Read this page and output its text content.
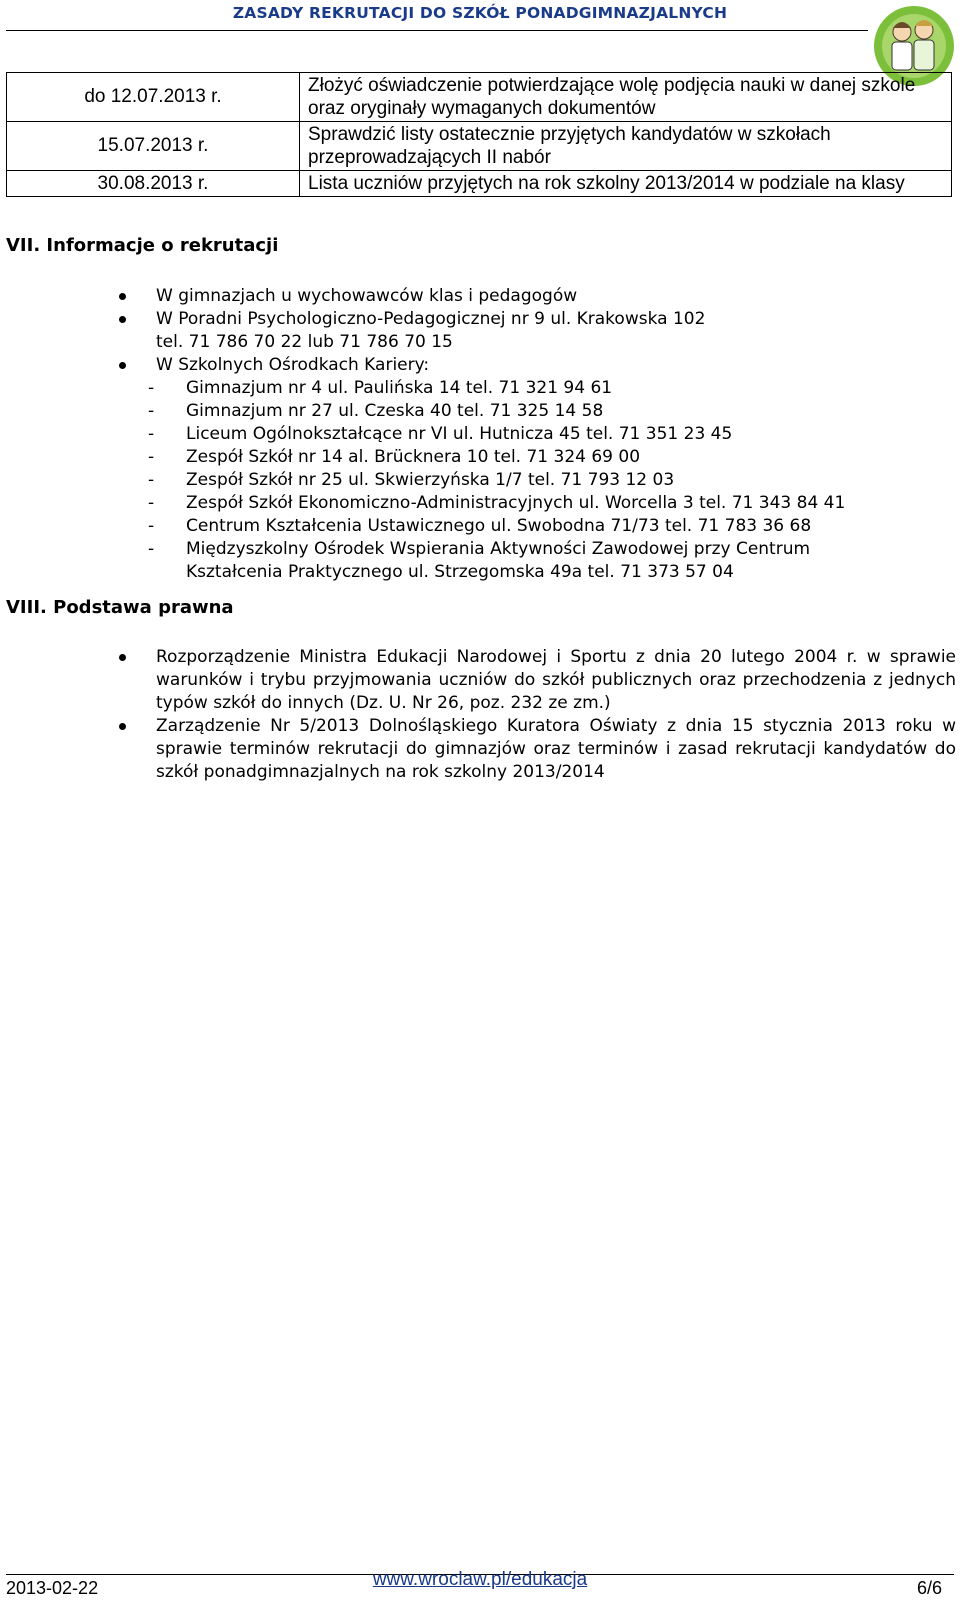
ZASADY REKRUTACJI DO SZKÓŁ PONADGIMNAZJALNYCH
do 12.07.2013 r.	Złożyć oświadczenie potwierdzające wolę podjęcia nauki w danej szkole oraz oryginały wymaganych dokumentów
15.07.2013 r.	Sprawdzić listy ostatecznie przyjętych kandydatów w szkołach przeprowadzających II nabór
30.08.2013 r.	Lista uczniów przyjętych na rok szkolny 2013/2014 w podziale na klasy
VII. Informacje o rekrutacji
W gimnazjach u wychowawców klas i pedagogów
W Poradni Psychologiczno-Pedagogicznej nr 9 ul. Krakowska 102
tel. 71 786 70 22 lub 71 786 70 15
W Szkolnych Ośrodkach Kariery:
- Gimnazjum nr 4 ul. Paulińska 14 tel. 71 321 94 61
- Gimnazjum nr 27 ul. Czeska 40 tel. 71 325 14 58
- Liceum Ogólnokształcące nr VI ul. Hutnicza 45 tel. 71 351 23 45
- Zespół Szkół nr 14 al. Brücknera 10 tel. 71 324 69 00
- Zespół Szkół nr 25 ul. Skwierzyńska 1/7 tel. 71 793 12 03
- Zespół Szkół Ekonomiczno-Administracyjnych ul. Worcella 3 tel. 71 343 84 41
- Centrum Kształcenia Ustawicznego ul. Swobodna 71/73 tel. 71 783 36 68
- Międzyszkolny Ośrodek Wspierania Aktywności Zawodowej przy Centrum Kształcenia Praktycznego ul. Strzegomska 49a tel. 71 373 57 04
VIII. Podstawa prawna
Rozporządzenie Ministra Edukacji Narodowej i Sportu z dnia 20 lutego 2004 r. w sprawie warunków i trybu przyjmowania uczniów do szkół publicznych oraz przechodzenia z jednych typów szkół do innych (Dz. U. Nr 26, poz. 232 ze zm.)
Zarządzenie Nr 5/2013 Dolnośląskiego Kuratora Oświaty z dnia 15 stycznia 2013 roku w sprawie terminów rekrutacji do gimnazjów oraz terminów i zasad rekrutacji kandydatów do szkół ponadgimnazjalnych na rok szkolny 2013/2014
2013-02-22	www.wroclaw.pl/edukacja	6/6
